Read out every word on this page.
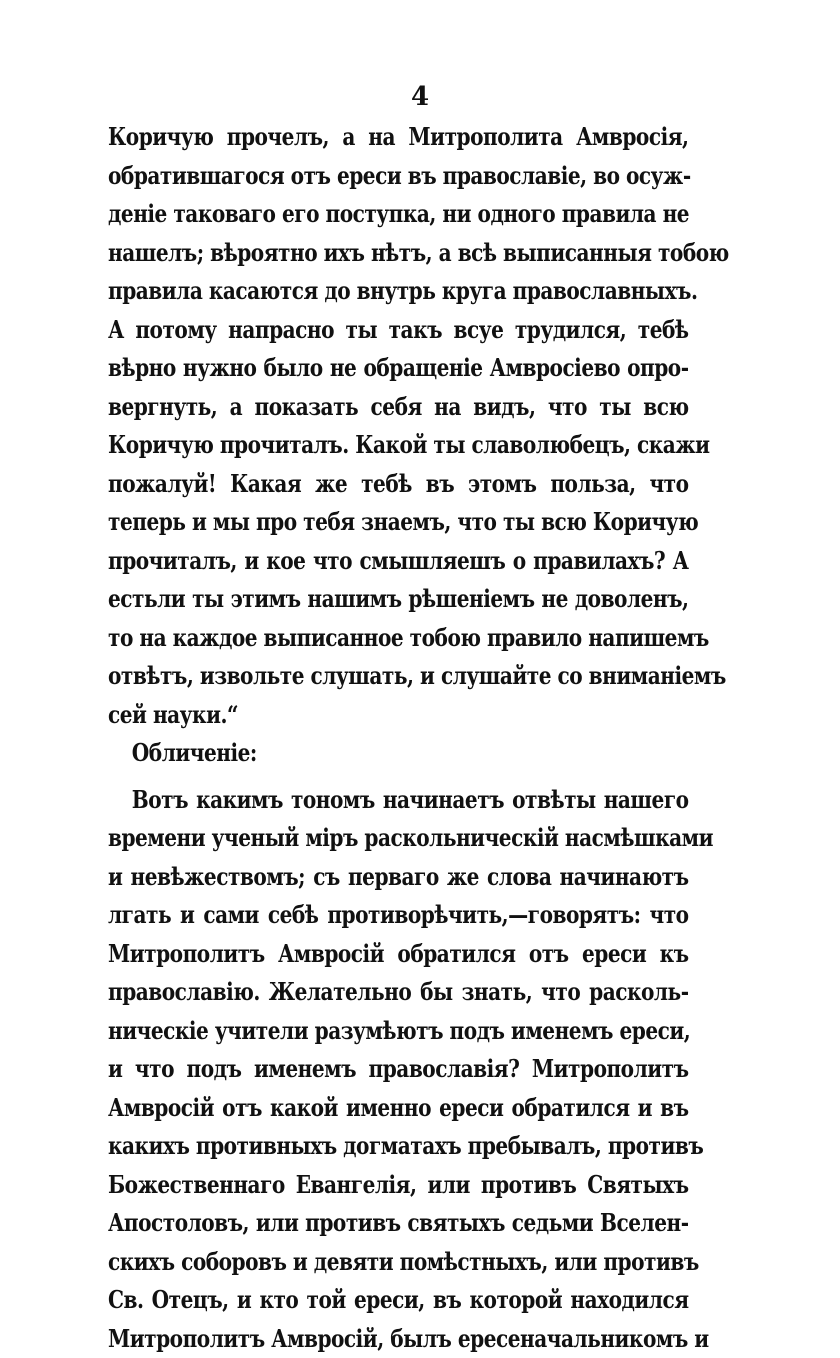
4
Коричую прочелъ, а на Митрополита Амвросія,
обратившагося отъ ереси въ православіе, во осуж-
деніе таковаго его поступка, ни одного правила не
нашелъ; вѣроятно ихъ нѣтъ, а всѣ выписанныя тобою
правила касаются до внутрь круга православныхъ.
А потому напрасно ты такъ всуе трудился, тебѣ
вѣрно нужно было не обращеніе Амвросіево опро-
вергнуть, а показать себя на видъ, что ты всю
Коричую прочиталъ. Какой ты славолюбецъ, скажи
пожалуй! Какая же тебѣ въ этомъ польза, что
теперь и мы про тебя знаемъ, что ты всю Коричую
прочиталъ, и кое что смышляешъ о правилахъ? А
естьли ты этимъ нашимъ рѣшеніемъ не доволенъ,
то на каждое выписанное тобою правило напишемъ
отвѣтъ, извольте слушать, и слушайте со вниманіемъ
сей науки.“
Обличеніе:
Вотъ какимъ тономъ начинаетъ отвѣты нашего
времени ученый міръ раскольническій насмѣшками
и невѣжествомъ; съ перваго же слова начинаютъ
лгать и сами себѣ противорѣчить,—говорятъ: что
Митрополитъ Амвросій обратился отъ ереси къ
православію. Желательно бы знать, что расколь-
ническіе учители разумѣютъ подъ именемъ ереси,
и что подъ именемъ православія? Митрополитъ
Амвросій отъ какой именно ереси обратился и въ
какихъ противныхъ догматахъ пребывалъ, противъ
Божественнаго Евангелія, или противъ Святыхъ
Апостоловъ, или противъ святыхъ седьми Вселен-
скихъ соборовъ и девяти помѣстныхъ, или противъ
Св. Отецъ, и кто той ереси, въ которой находился
Митрополитъ Амвросій, былъ ересеначальникомъ и
